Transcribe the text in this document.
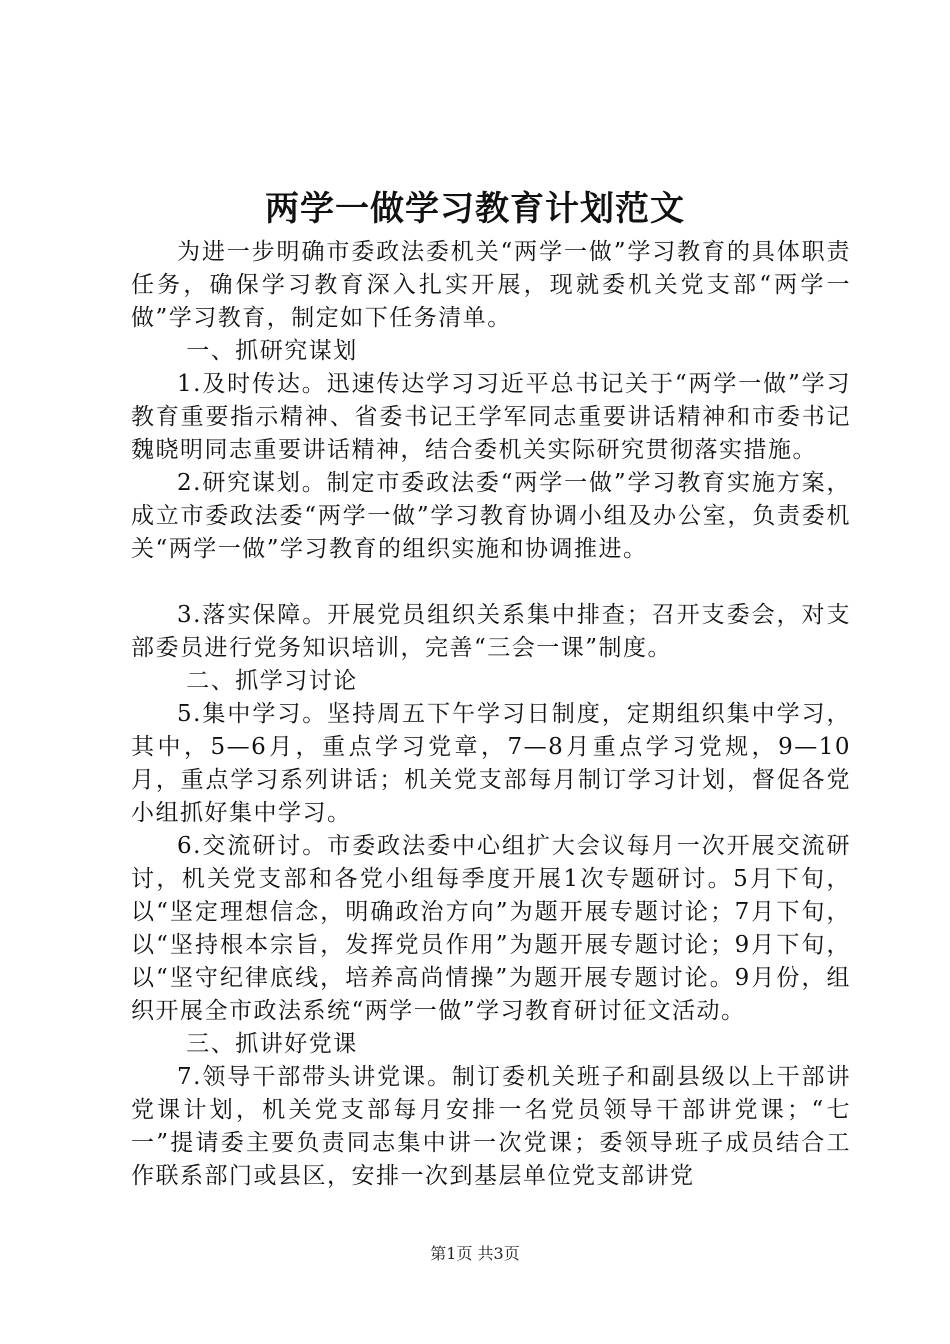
两学一做学习教育计划范文

为进一步明确市委政法委机关“两学一做”学习教育的具体职责任务，确保学习教育深入扎实开展，现就委机关党支部“两学一做”学习教育，制定如下任务清单。

一、抓研究谋划

1.及时传达。迅速传达学习习近平总书记关于“两学一做”学习教育重要指示精神、省委书记王学军同志重要讲话精神和市委书记魏晓明同志重要讲话精神，结合委机关实际研究贯彻落实措施。

2.研究谋划。制定市委政法委“两学一做”学习教育实施方案，成立市委政法委“两学一做”学习教育协调小组及办公室，负责委机关“两学一做”学习教育的组织实施和协调推进。

3.落实保障。开展党员组织关系集中排查；召开支委会，对支部委员进行党务知识培训，完善“三会一课”制度。

二、抓学习讨论

5.集中学习。坚持周五下午学习日制度，定期组织集中学习，其中，5—6月，重点学习党章，7—8月重点学习党规，9—10月，重点学习系列讲话；机关党支部每月制订学习计划，督促各党小组抓好集中学习。

6.交流研讨。市委政法委中心组扩大会议每月一次开展交流研讨，机关党支部和各党小组每季度开展1次专题研讨。5月下旬，以“坚定理想信念，明确政治方向”为题开展专题讨论；7月下旬，以“坚持根本宗旨，发挥党员作用”为题开展专题讨论；9月下旬，以“坚守纪律底线，培养高尚情操”为题开展专题讨论。9月份，组织开展全市政法系统“两学一做”学习教育研讨征文活动。

三、抓讲好党课

7.领导干部带头讲党课。制订委机关班子和副县级以上干部讲党课计划，机关党支部每月安排一名党员领导干部讲党课；“七一”提请委主要负责同志集中讲一次党课；委领导班子成员结合工作联系部门或县区，安排一次到基层单位党支部讲党

第1页 共3页
